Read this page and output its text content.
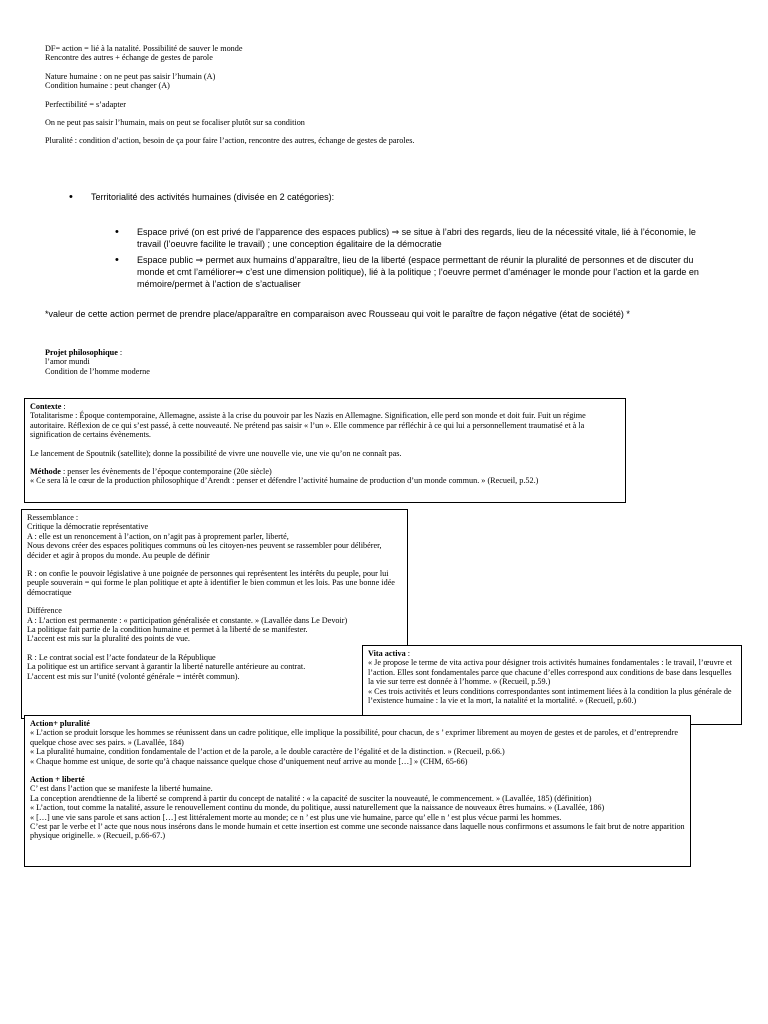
DF= action = lié à la natalité. Possibilité de sauver le monde

Rencontre des autres + échange de gestes de parole

Nature humaine : on ne peut pas saisir l’humain (A)

Condition humaine : peut changer (A)

Perfectibilité = s’adapter

On ne peut pas saisir l’humain, mais on peut se focaliser plutôt sur sa condition

Pluralité : condition d’action, besoin de ça pour faire l’action, rencontre des autres, échange de gestes de paroles.

• Territorialité des activités humaines (divisée en 2 catégories):

• Espace privé (on est privé de l’apparence des espaces publics) ⇒ se situe à l’abri des regards, lieu de la nécessité vitale, lié à l’économie, le travail (l’oeuvre facilite le travail) ; une conception égalitaire de la démocratie

• Espace public ⇒ permet aux humains d’apparaître, lieu de la liberté (espace permettant de réunir la pluralité de personnes et de discuter du monde et cmt l’améliorer⇒ c’est une dimension politique), lié à la politique ; l’oeuvre permet d’aménager le monde pour l’action et la garde en mémoire/permet à l’action de s’actualiser

*valeur de cette action permet de prendre place/apparaître en comparaison avec Rousseau qui voit le paraître de façon négative (état de société) *

Projet philosophique :

l’amor mundi

Condition de l’homme moderne

Contexte :

Totalitarisme : Époque contemporaine, Allemagne, assiste à la crise du pouvoir par les Nazis en Allemagne. Signification, elle perd son monde et doit fuir. Fuit un régime autoritaire. Réflexion de ce qui s’est passé, à cette nouveauté. Ne prétend pas saisir « l’un ». Elle commence par réfléchir à ce qui lui a personnellement traumatisé et à la signification de certains évènements.

Le lancement de Spoutnik (satellite); donne la possibilité de vivre une nouvelle vie, une vie qu’on ne connaît pas.

Méthode : penser les évènements de l’époque contemporaine (20e siècle)

« Ce sera là le cœur de la production philosophique d’Arendt : penser et défendre l’activité humaine de production d’un monde commun. » (Recueil, p.52.)

Ressemblance :

Critique la démocratie représentative

A : elle est un renoncement à l’action, on n’agit pas à proprement parler, liberté,

Nous devons créer des espaces politiques communs où les citoyen-nes peuvent se rassembler pour délibérer, décider et agir à propos du monde. Au peuple de définir

R : on confie le pouvoir législative à une poignée de personnes qui représentent les intérêts du peuple, pour lui peuple souverain = qui forme le plan politique et apte à identifier le bien commun et les lois. Pas une bonne idée démocratique

Différence

A : L’action est permanente : « participation généralisée et constante. » (Lavallée dans Le Devoir)

La politique fait partie de la condition humaine et permet à la liberté de se manifester.

L’accent est mis sur la pluralité des points de vue.

R : Le contrat social est l’acte fondateur de la République

La politique est un artifice servant à garantir la liberté naturelle antérieure au contrat.

L’accent est mis sur l’unité (volonté générale = intérêt commun).

Vita activa :

« Je propose le terme de vita activa pour désigner trois activités humaines fondamentales : le travail, l’œuvre et l’action. Elles sont fondamentales parce que chacune d’elles correspond aux conditions de base dans lesquelles la vie sur terre est donnée à l’homme. » (Recueil, p.59.)

« Ces trois activités et leurs conditions correspondantes sont intimement liées à la condition la plus générale de l’existence humaine : la vie et la mort, la natalité et la mortalité. » (Recueil, p.60.)

Action+ pluralité

« L’action se produit lorsque les hommes se réunissent dans un cadre politique, elle implique la possibilité, pour chacun, de s ’ exprimer librement au moyen de gestes et de paroles, et d’entreprendre quelque chose avec ses pairs. » (Lavallée, 184)

« La pluralité humaine, condition fondamentale de l’action et de la parole, a le double caractère de l’égalité et de la distinction. » (Recueil, p.66.)

« Chaque homme est unique, de sorte qu’à chaque naissance quelque chose d’uniquement neuf arrive au monde […] » (CHM, 65-66)

Action + liberté

C’ est dans l’action que se manifeste la liberté humaine.

La conception arendtienne de la liberté se comprend à partir du concept de natalité : « la capacité de susciter la nouveauté, le commencement. » (Lavallée, 185) (définition)

« L’action, tout comme la natalité, assure le renouvellement continu du monde, du politique, aussi naturellement que la naissance de nouveaux êtres humains. » (Lavallée, 186)

« […] une vie sans parole et sans action […] est littéralement morte au monde; ce n ’ est plus une vie humaine, parce qu’ elle n ’ est plus vécue parmi les hommes.

C’est par le verbe et l’ acte que nous nous insérons dans le monde humain et cette insertion est comme une seconde naissance dans laquelle nous confirmons et assumons le fait brut de notre apparition physique originelle. » (Recueil, p.66-67.)
